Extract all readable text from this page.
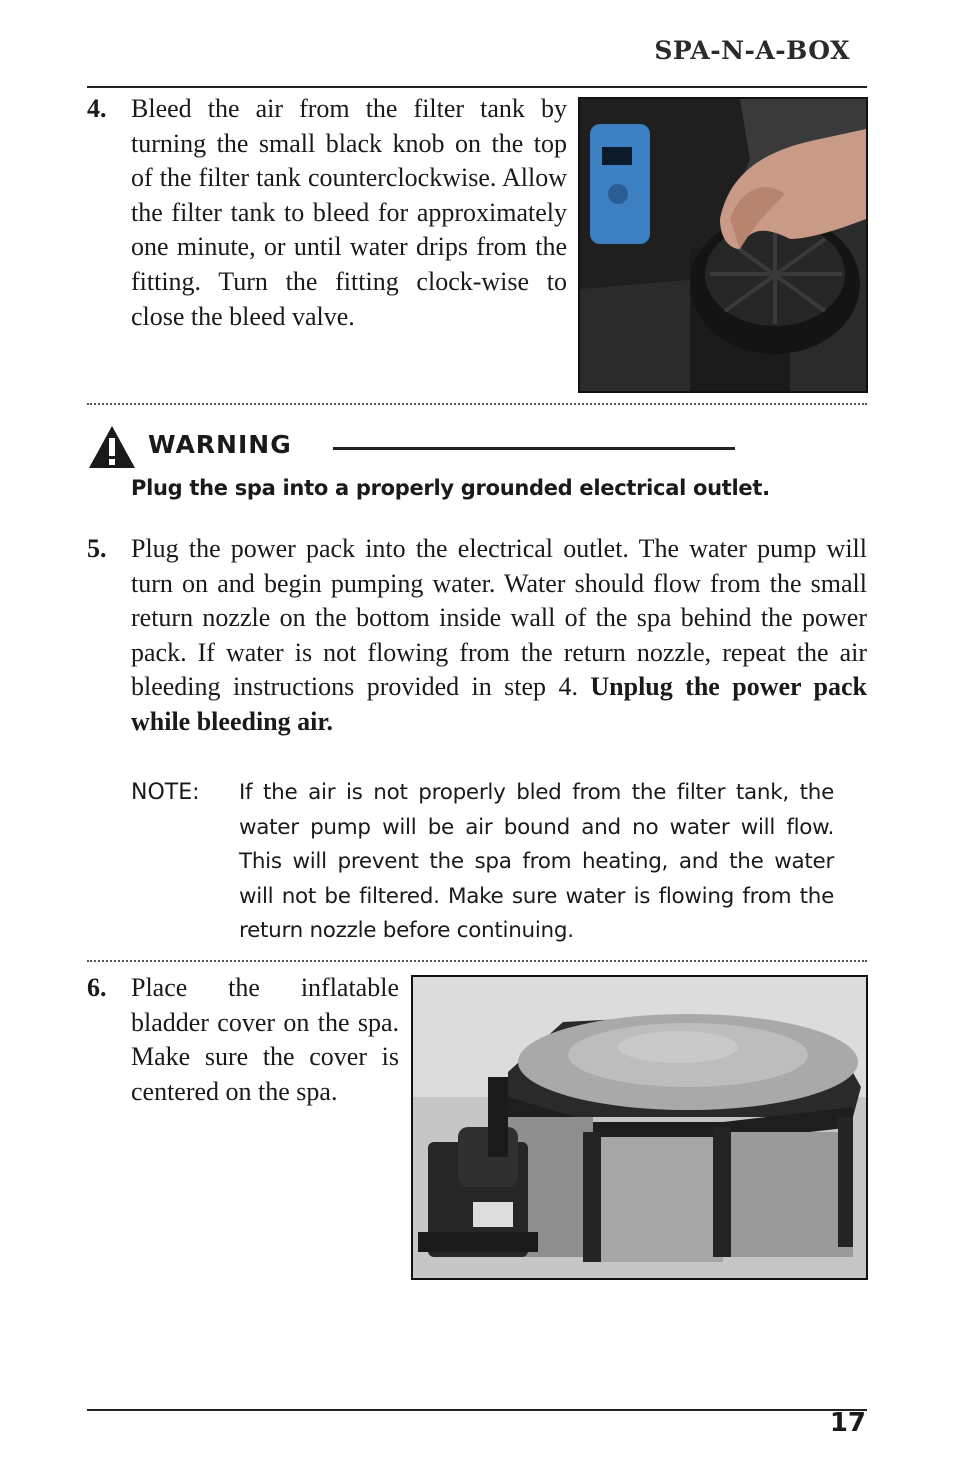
SPA-N-A-BOX
4. Bleed the air from the filter tank by turning the small black knob on the top of the filter tank counterclockwise. Allow the filter tank to bleed for approximately one minute, or until water drips from the fitting. Turn the fitting clock-wise to close the bleed valve.
WARNING
Plug the spa into a properly grounded electrical outlet.
5. Plug the power pack into the electrical outlet. The water pump will turn on and begin pumping water. Water should flow from the small return nozzle on the bottom inside wall of the spa behind the power pack. If water is not flowing from the return nozzle, repeat the air bleeding instructions provided in step 4. Unplug the power pack while bleeding air.
NOTE: If the air is not properly bled from the filter tank, the water pump will be air bound and no water will flow. This will prevent the spa from heating, and the water will not be filtered. Make sure water is flowing from the return nozzle before continuing.
6. Place the inflatable bladder cover on the spa. Make sure the cover is centered on the spa.
17
